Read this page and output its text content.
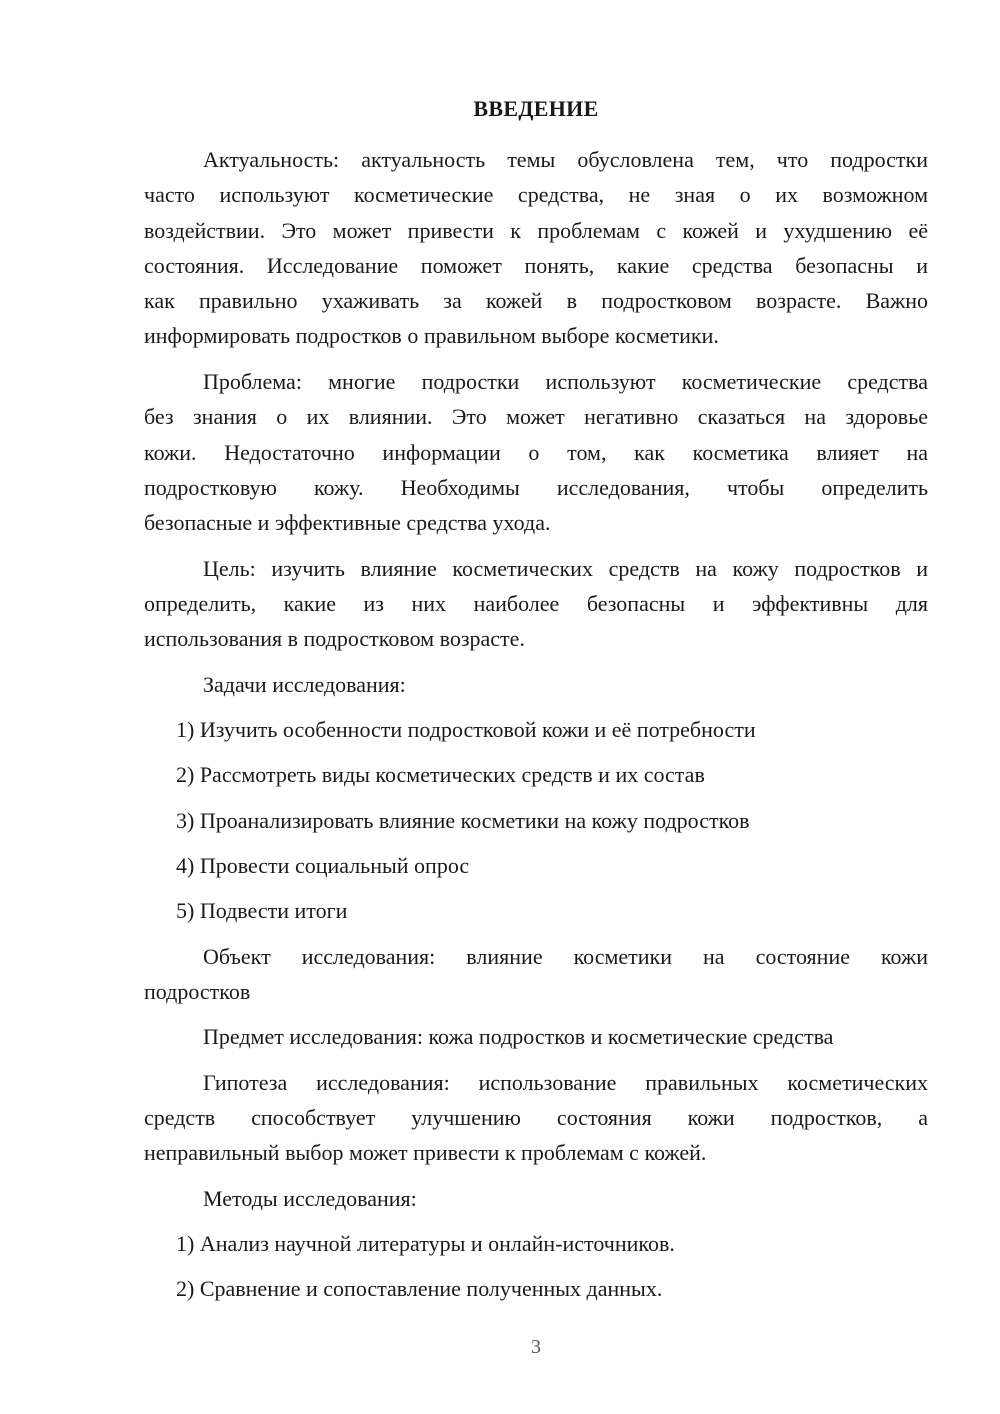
ВВЕДЕНИЕ
Актуальность: актуальность темы обусловлена тем, что подростки
часто используют косметические средства, не зная о их возможном
воздействии. Это может привести к проблемам с кожей и ухудшению её
состояния. Исследование поможет понять, какие средства безопасны и
как правильно ухаживать за кожей в подростковом возрасте. Важно
информировать подростков о правильном выборе косметики.
Проблема: многие подростки используют косметические средства
без знания о их влиянии. Это может негативно сказаться на здоровье
кожи. Недостаточно информации о том, как косметика влияет на
подростковую кожу. Необходимы исследования, чтобы определить
безопасные и эффективные средства ухода.
Цель: изучить влияние косметических средств на кожу подростков и
определить, какие из них наиболее безопасны и эффективны для
использования в подростковом возрасте.
Задачи исследования:
1) Изучить особенности подростковой кожи и её потребности
2) Рассмотреть виды косметических средств и их состав
3) Проанализировать влияние косметики на кожу подростков
4) Провести социальный опрос
5) Подвести итоги
Объект исследования: влияние косметики на состояние кожи
подростков
Предмет исследования: кожа подростков и косметические средства
Гипотеза исследования: использование правильных косметических
средств способствует улучшению состояния кожи подростков, а
неправильный выбор может привести к проблемам с кожей.
Методы исследования:
1) Анализ научной литературы и онлайн-источников.
2) Сравнение и сопоставление полученных данных.
3
